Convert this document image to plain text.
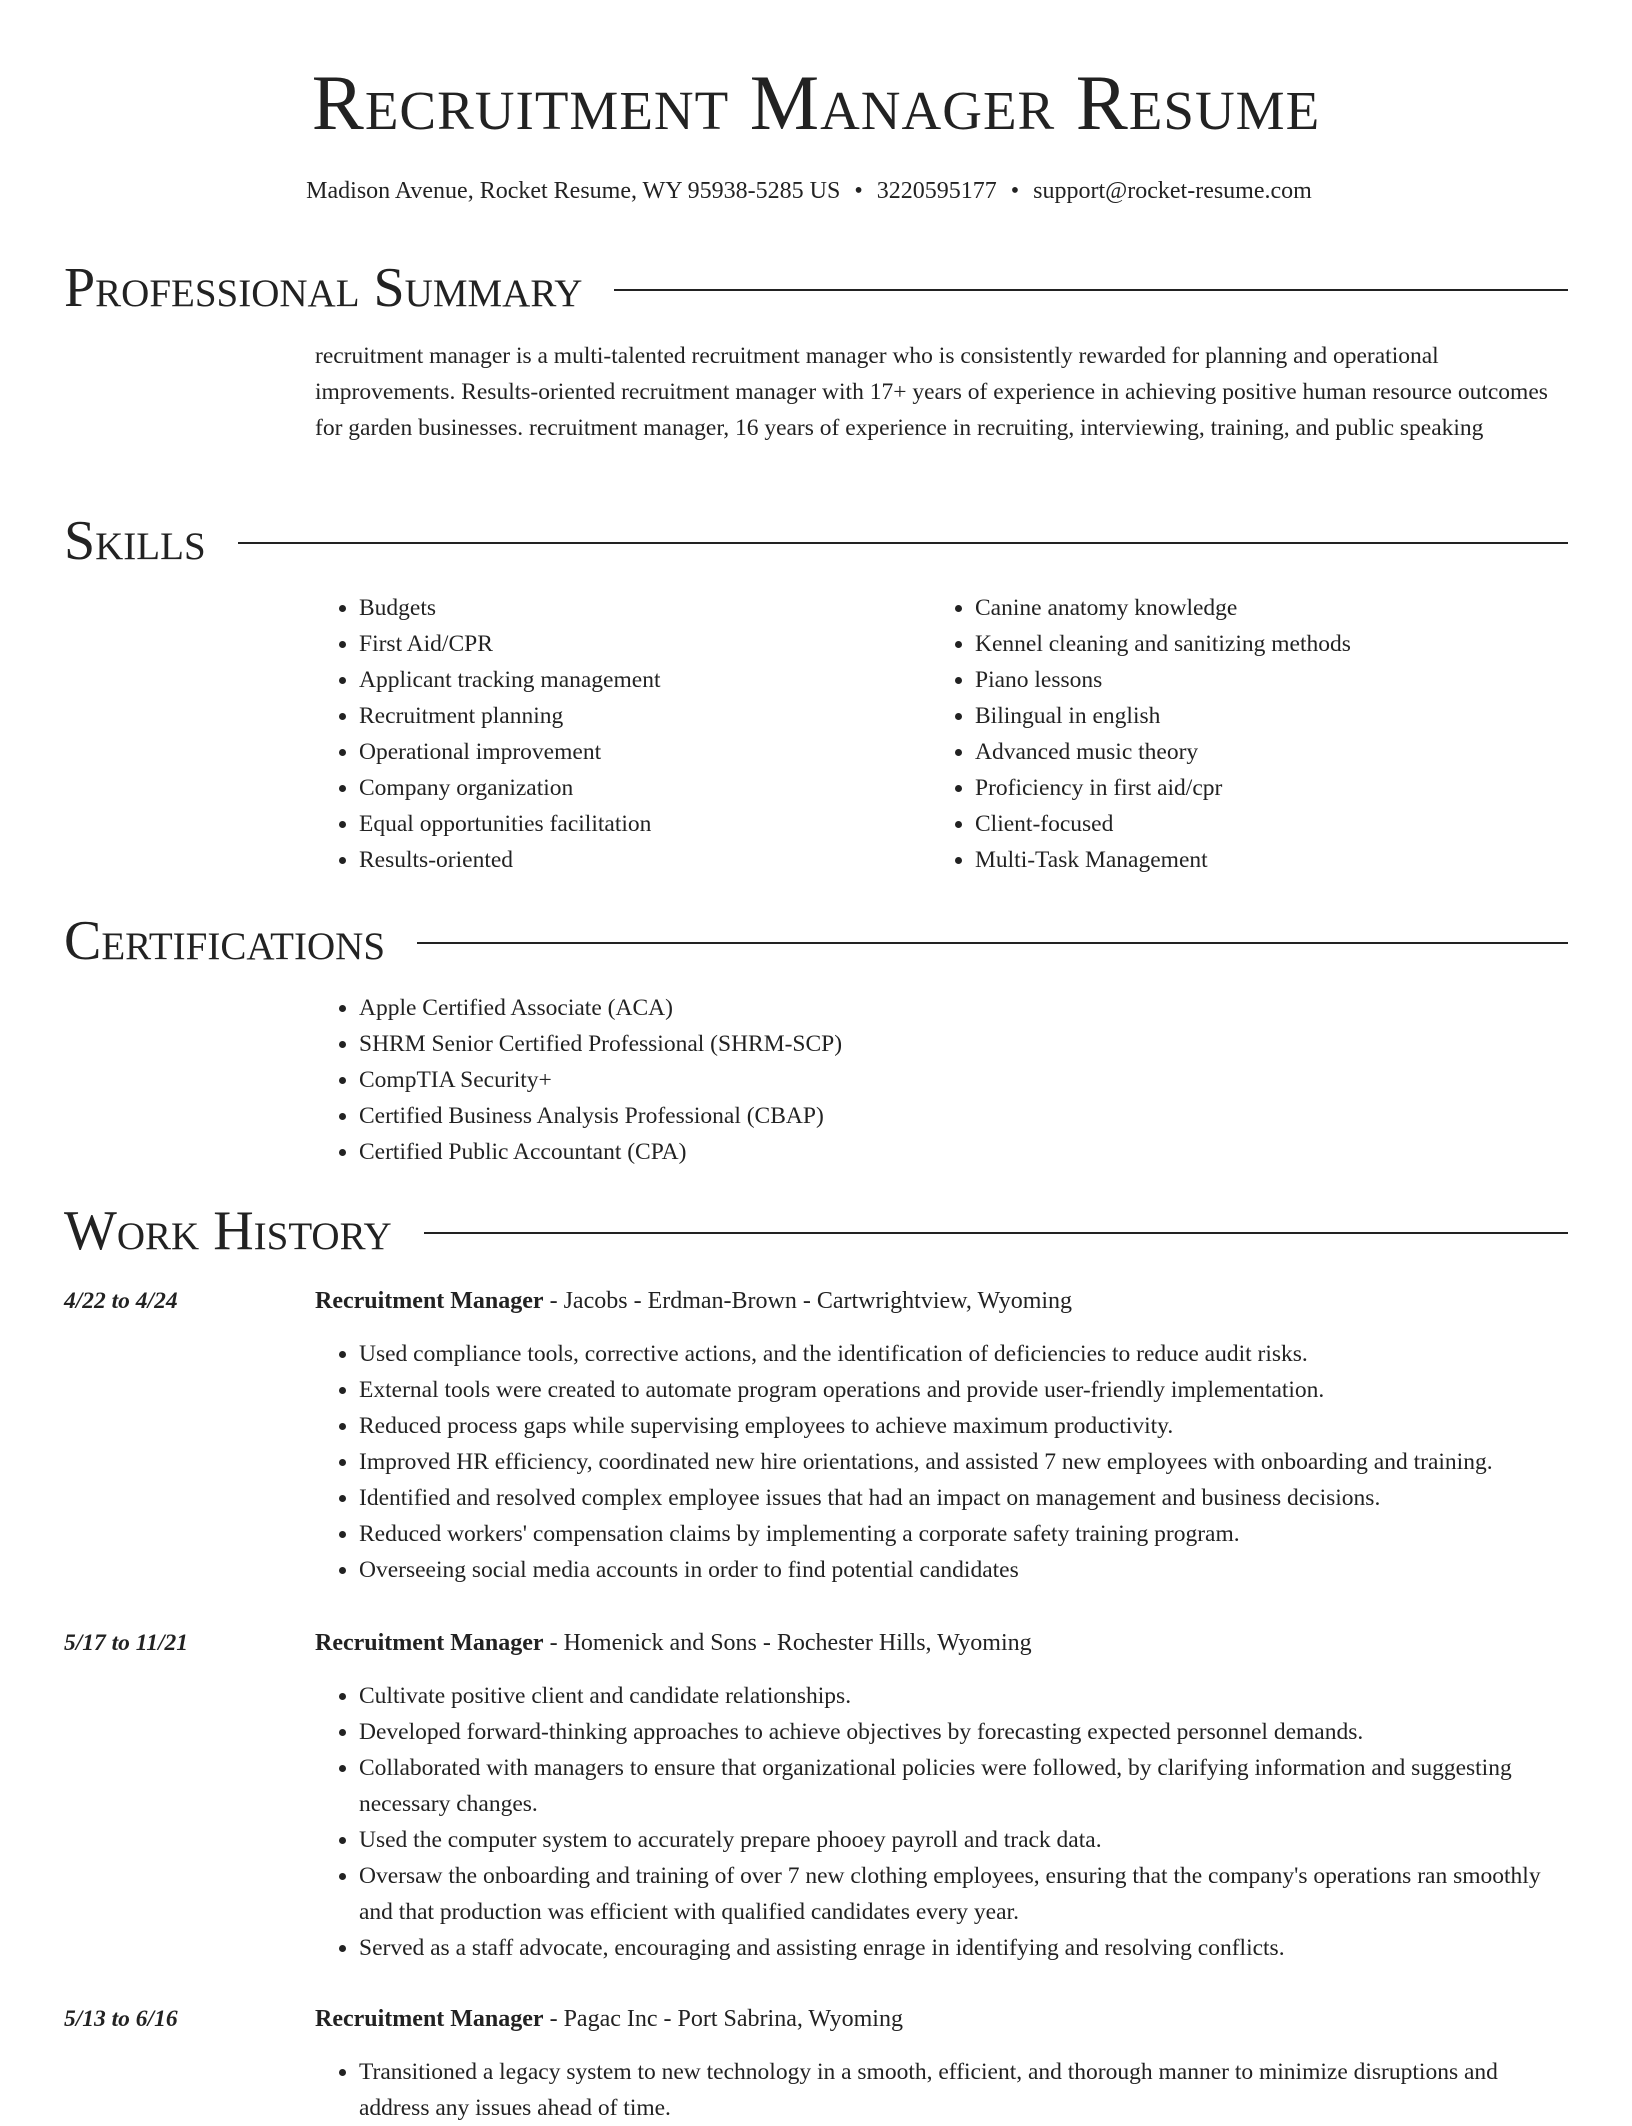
Recruitment Manager Resume
Madison Avenue, Rocket Resume, WY 95938-5285 US • 3220595177 • support@rocket-resume.com
Professional Summary

recruitment manager is a multi-talented recruitment manager who is consistently rewarded for planning and operational improvements. Results-oriented recruitment manager with 17+ years of experience in achieving positive human resource outcomes for garden businesses. recruitment manager, 16 years of experience in recruiting, interviewing, training, and public speaking

Skills
• Budgets
• First Aid/CPR
• Applicant tracking management
• Recruitment planning
• Operational improvement
• Company organization
• Equal opportunities facilitation
• Results-oriented
• Canine anatomy knowledge
• Kennel cleaning and sanitizing methods
• Piano lessons
• Bilingual in english
• Advanced music theory
• Proficiency in first aid/cpr
• Client-focused
• Multi-Task Management
Certifications
• Apple Certified Associate (ACA)
• SHRM Senior Certified Professional (SHRM-SCP)
• CompTIA Security+
• Certified Business Analysis Professional (CBAP)
• Certified Public Accountant (CPA)
Work History
4/22 to 4/24	Recruitment Manager - Jacobs - Erdman-Brown - Cartwrightview, Wyoming
• Used compliance tools, corrective actions, and the identification of deficiencies to reduce audit risks.
• External tools were created to automate program operations and provide user-friendly implementation.
• Reduced process gaps while supervising employees to achieve maximum productivity.
• Improved HR efficiency, coordinated new hire orientations, and assisted 7 new employees with onboarding and training.
• Identified and resolved complex employee issues that had an impact on management and business decisions.
• Reduced workers' compensation claims by implementing a corporate safety training program.
• Overseeing social media accounts in order to find potential candidates
5/17 to 11/21	Recruitment Manager - Homenick and Sons - Rochester Hills, Wyoming
• Cultivate positive client and candidate relationships.
• Developed forward-thinking approaches to achieve objectives by forecasting expected personnel demands.
• Collaborated with managers to ensure that organizational policies were followed, by clarifying information and suggesting necessary changes.
• Used the computer system to accurately prepare phooey payroll and track data.
• Oversaw the onboarding and training of over 7 new clothing employees, ensuring that the company's operations ran smoothly and that production was efficient with qualified candidates every year.
• Served as a staff advocate, encouraging and assisting enrage in identifying and resolving conflicts.
5/13 to 6/16	Recruitment Manager - Pagac Inc - Port Sabrina, Wyoming
• Transitioned a legacy system to new technology in a smooth, efficient, and thorough manner to minimize disruptions and address any issues ahead of time.
